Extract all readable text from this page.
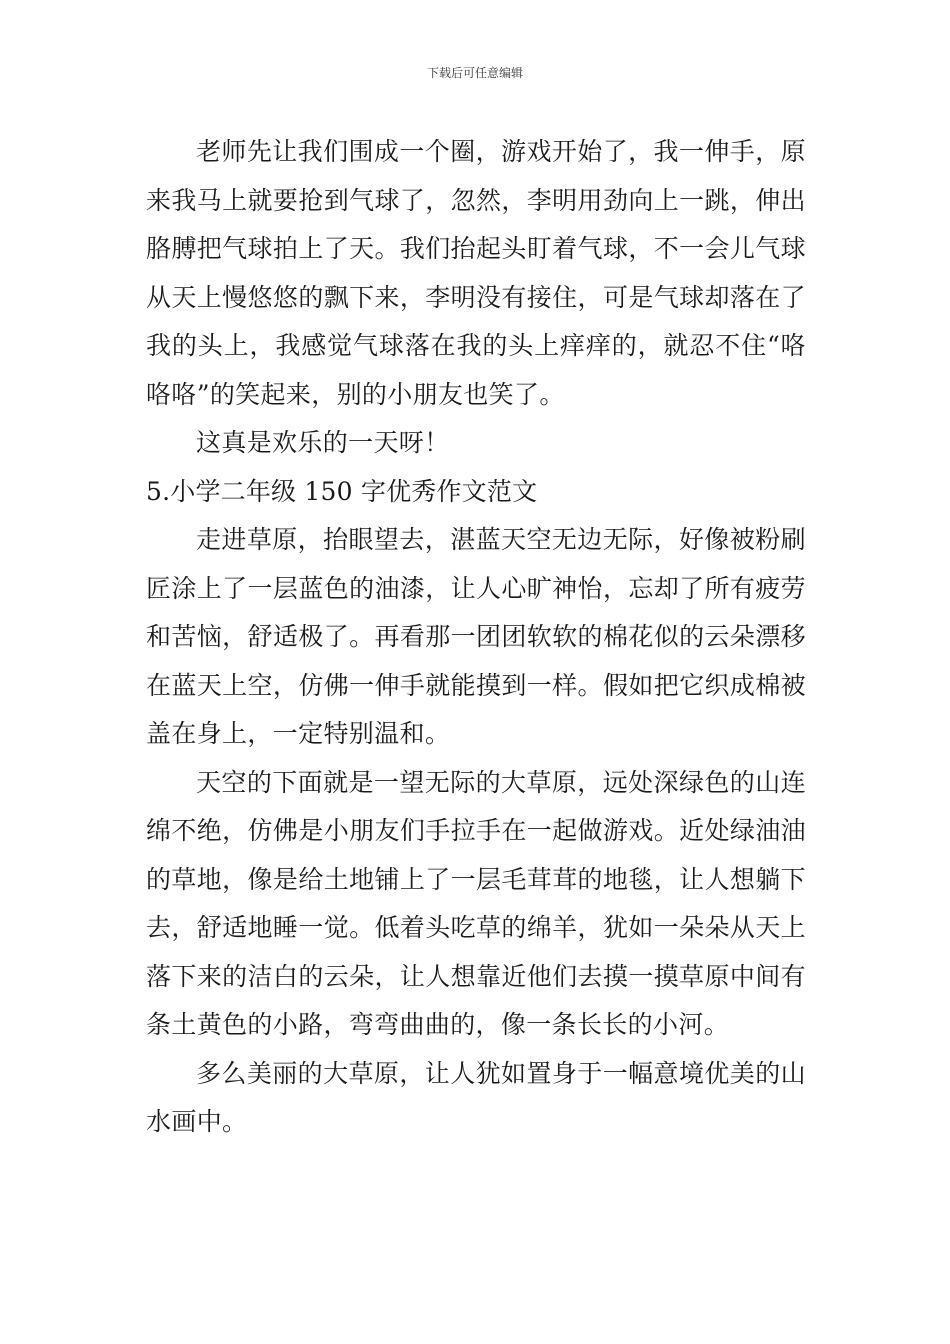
下载后可任意编辑

老师先让我们围成一个圈，游戏开始了，我一伸手，原来我马上就要抢到气球了，忽然，李明用劲向上一跳，伸出胳膊把气球拍上了天。我们抬起头盯着气球，不一会儿气球从天上慢悠悠的飘下来，李明没有接住，可是气球却落在了我的头上，我感觉气球落在我的头上痒痒的，就忍不住“咯咯咯”的笑起来，别的小朋友也笑了。

这真是欢乐的一天呀！

5.小学二年级 150 字优秀作文范文

走进草原，抬眼望去，湛蓝天空无边无际，好像被粉刷匠涂上了一层蓝色的油漆，让人心旷神怡，忘却了所有疲劳和苦恼，舒适极了。再看那一团团软软的棉花似的云朵漂移在蓝天上空，仿佛一伸手就能摸到一样。假如把它织成棉被盖在身上，一定特别温和。

天空的下面就是一望无际的大草原，远处深绿色的山连绵不绝，仿佛是小朋友们手拉手在一起做游戏。近处绿油油的草地，像是给土地铺上了一层毛茸茸的地毯，让人想躺下去，舒适地睡一觉。低着头吃草的绵羊，犹如一朵朵从天上落下来的洁白的云朵，让人想靠近他们去摸一摸草原中间有条土黄色的小路，弯弯曲曲的，像一条长长的小河。

多么美丽的大草原，让人犹如置身于一幅意境优美的山水画中。
